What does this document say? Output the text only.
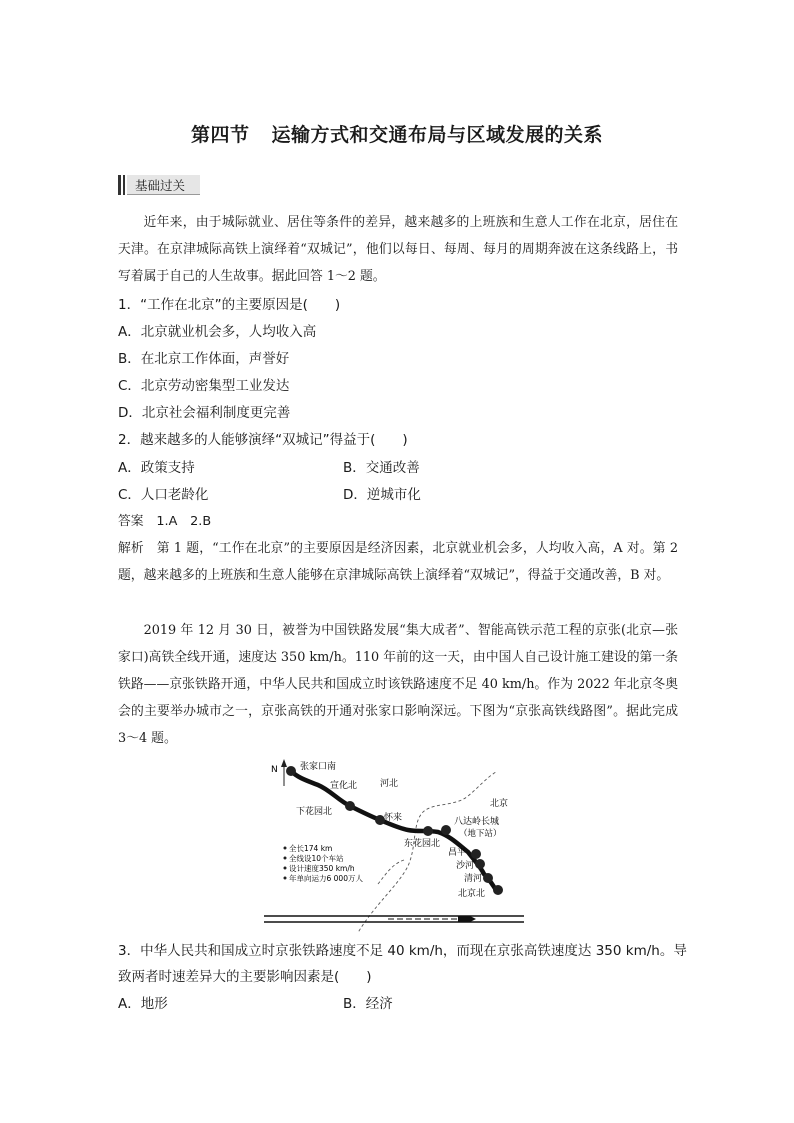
第四节 运输方式和交通布局与区域发展的关系
基础过关
近年来，由于城际就业、居住等条件的差异，越来越多的上班族和生意人工作在北京，居住在天津。在京津城际高铁上演绎着“双城记”，他们以每日、每周、每月的周期奔波在这条线路上，书写着属于自己的人生故事。据此回答 1～2 题。
1．“工作在北京”的主要原因是(　　)
A．北京就业机会多，人均收入高
B．在北京工作体面，声誉好
C．北京劳动密集型工业发达
D．北京社会福利制度更完善
2．越来越多的人能够演绎“双城记”得益于(　　)
A．政策支持	B．交通改善
C．人口老龄化	D．逆城市化
答案　1.A　2.B
解析　第 1 题，“工作在北京”的主要原因是经济因素，北京就业机会多，人均收入高，A 对。第 2 题，越来越多的上班族和生意人能够在京津城际高铁上演绎着“双城记”，得益于交通改善，B 对。
2019 年 12 月 30 日，被誉为中国铁路发展“集大成者”、智能高铁示范工程的京张(北京—张家口)高铁全线开通，速度达 350 km/h。110 年前的这一天，由中国人自己设计施工建设的第一条铁路——京张铁路开通，中华人民共和国成立时该铁路速度不足 40 km/h。作为 2022 年北京冬奥会的主要举办城市之一，京张高铁的开通对张家口影响深远。下图为“京张高铁线路图”。据此完成 3～4 题。
N 张家口南
宣化北
下花园北
怀来
东花园北
八达岭长城
（地下站）
昌平
沙河
清河
北京北
河北
北京
全长174 km
全线设10个车站
设计速度350 km/h
年单向运力6 000万人
3．中华人民共和国成立时京张铁路速度不足 40 km/h，而现在京张高铁速度达 350 km/h。导
致两者时速差异大的主要影响因素是(　　)
A．地形	B．经济
